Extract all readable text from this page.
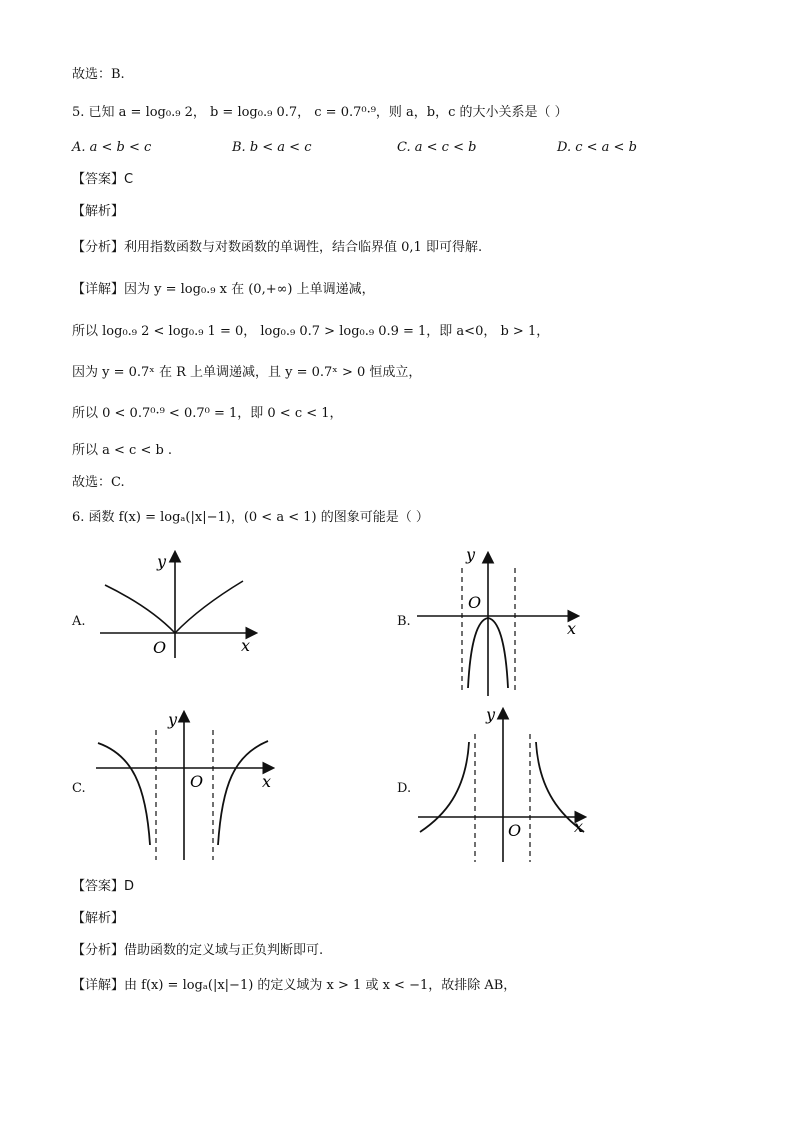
故选：B.
5. 已知 a = log₀.₉ 2， b = log₀.₉ 0.7， c = 0.7⁰·⁹，则 a，b，c 的大小关系是（ ）
A. a < b < c	B. b < a < c	C. a < c < b	D. c < a < b
【答案】C
【解析】
【分析】利用指数函数与对数函数的单调性，结合临界值 0,1 即可得解.
【详解】因为 y = log₀.₉ x 在 (0,+∞) 上单调递减，
所以 log₀.₉ 2 < log₀.₉ 1 = 0， log₀.₉ 0.7 > log₀.₉ 0.9 = 1，即 a<0， b > 1，
因为 y = 0.7ˣ 在 R 上单调递减，且 y = 0.7ˣ > 0 恒成立，
所以 0 < 0.7⁰·⁹ < 0.7⁰ = 1，即 0 < c < 1，
所以 a < c < b .
故选：C.
6. 函数 f(x) = logₐ(|x|−1)，(0 < a < 1) 的图象可能是（ ）
A.	B.
C.	D.
y
x
O
y
x
O
y
x
O
y
x
O
【答案】D
【解析】
【分析】借助函数的定义域与正负判断即可.
【详解】由 f(x) = logₐ(|x|−1) 的定义域为 x > 1 或 x < −1，故排除 AB，
